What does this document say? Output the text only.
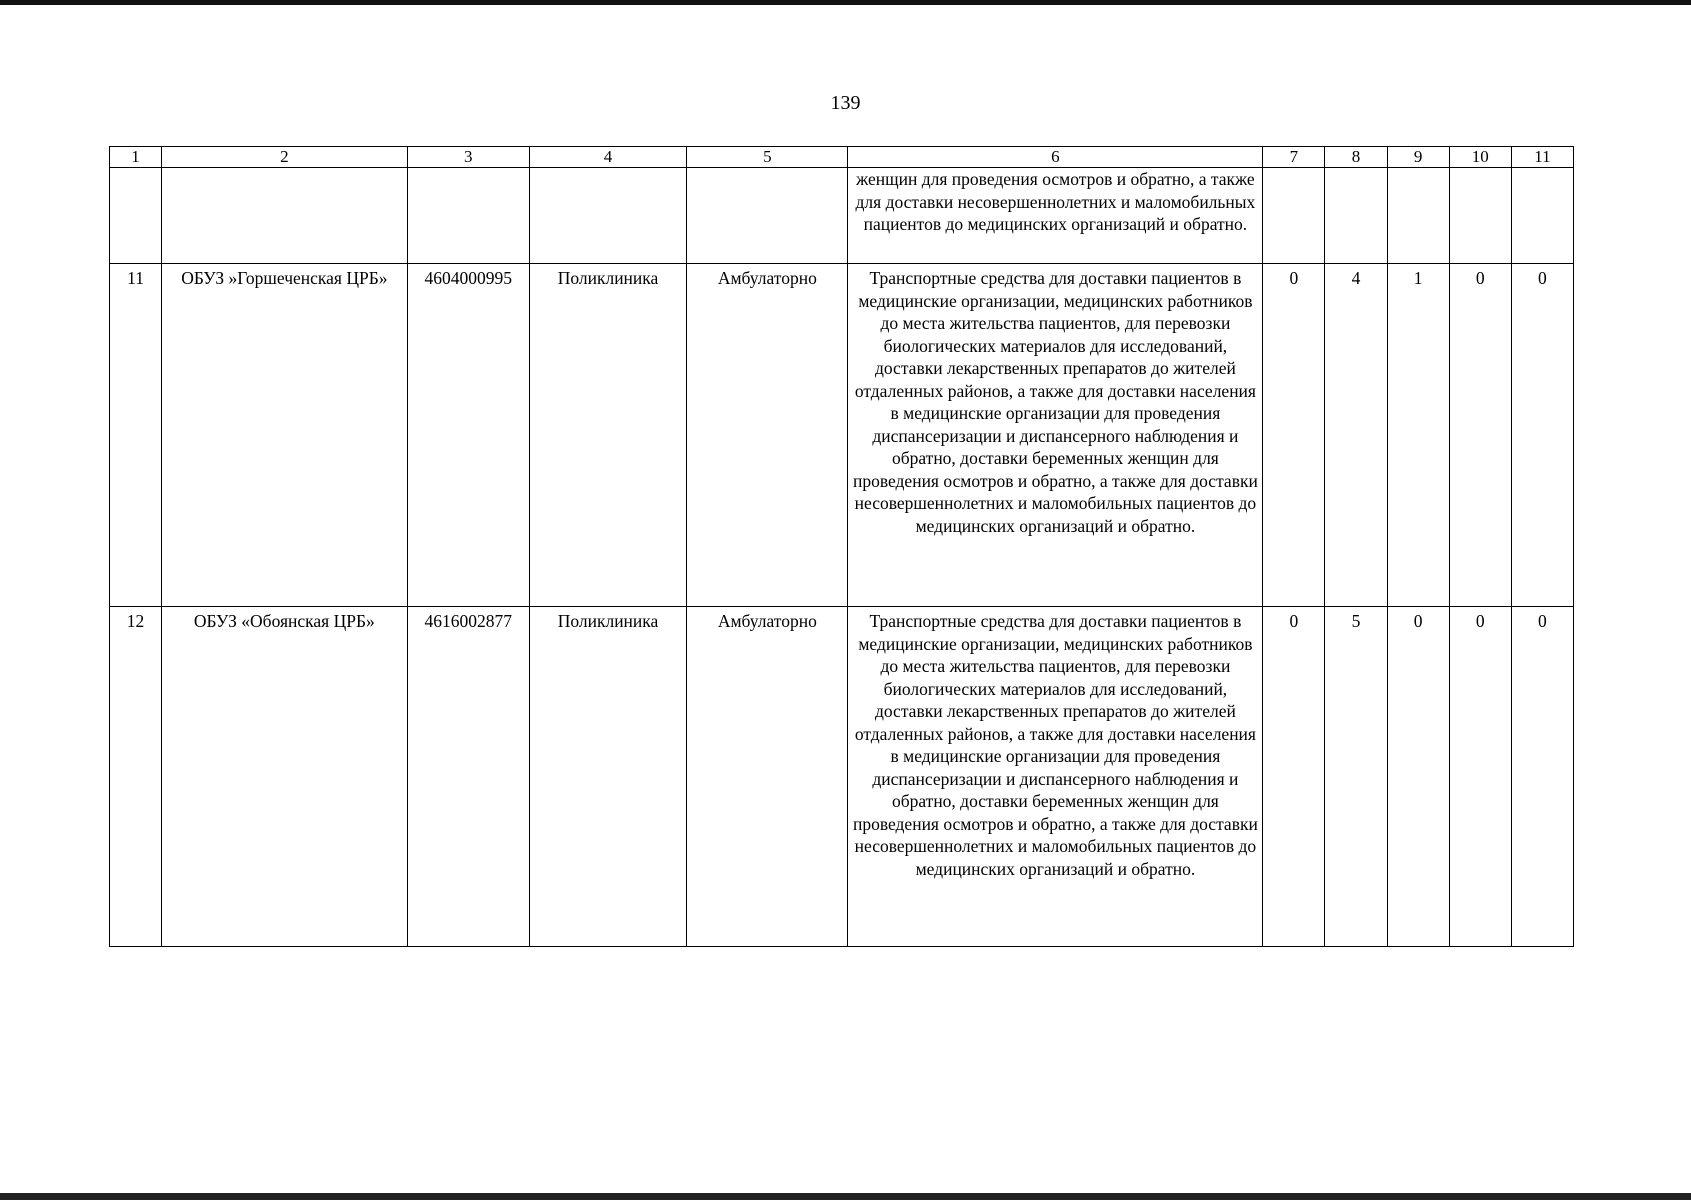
139
1	2	3	4	5	6	7	8	9	10	11
					женщин для проведения осмотров и обратно, а также для доставки несовершеннолетних и маломобильных пациентов до медицинских организаций и обратно.					
11	ОБУЗ »Горшеченская ЦРБ»	4604000995	Поликлиника	Амбулаторно	Транспортные средства для доставки пациентов в медицинские организации, медицинских работников до места жительства пациентов, для перевозки биологических материалов для исследований, доставки лекарственных препаратов до жителей отдаленных районов, а также для доставки населения в медицинские организации для проведения диспансеризации и диспансерного наблюдения и обратно, доставки беременных женщин для проведения осмотров и обратно, а также для доставки несовершеннолетних и маломобильных пациентов до медицинских организаций и обратно.	0	4	1	0	0
12	ОБУЗ «Обоянская ЦРБ»	4616002877	Поликлиника	Амбулаторно	Транспортные средства для доставки пациентов в медицинские организации, медицинских работников до места жительства пациентов, для перевозки биологических материалов для исследований, доставки лекарственных препаратов до жителей отдаленных районов, а также для доставки населения в медицинские организации для проведения диспансеризации и диспансерного наблюдения и обратно, доставки беременных женщин для проведения осмотров и обратно, а также для доставки несовершеннолетних и маломобильных пациентов до медицинских организаций и обратно.	0	5	0	0	0
